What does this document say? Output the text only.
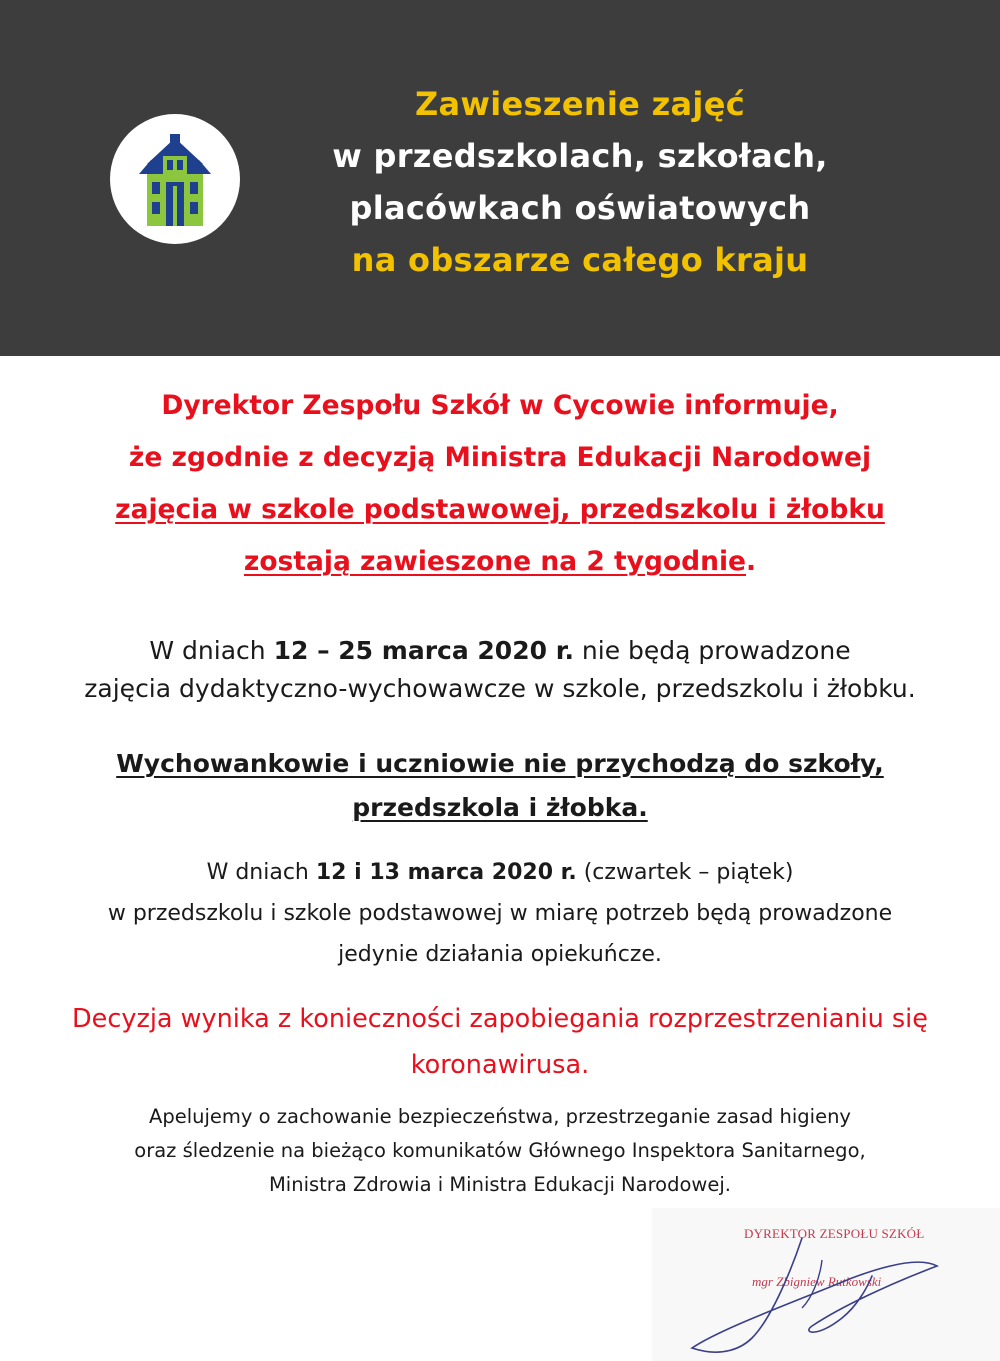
Zawieszenie zajęć
w przedszkolach, szkołach,
placówkach oświatowych
na obszarze całego kraju
Dyrektor Zespołu Szkół w Cycowie informuje,
że zgodnie z decyzją Ministra Edukacji Narodowej
zajęcia w szkole podstawowej, przedszkolu i żłobku
zostają zawieszone na 2 tygodnie.
W dniach 12 – 25 marca 2020 r. nie będą prowadzone
zajęcia dydaktyczno-wychowawcze w szkole, przedszkolu i żłobku.
Wychowankowie i uczniowie nie przychodzą do szkoły,
przedszkola i żłobka.
W dniach 12 i 13 marca 2020 r. (czwartek – piątek)
w przedszkolu i szkole podstawowej w miarę potrzeb będą prowadzone
jedynie działania opiekuńcze.
Decyzja wynika z konieczności zapobiegania rozprzestrzenianiu się
koronawirusa.
Apelujemy o zachowanie bezpieczeństwa, przestrzeganie zasad higieny
oraz śledzenie na bieżąco komunikatów Głównego Inspektora Sanitarnego,
Ministra Zdrowia i Ministra Edukacji Narodowej.
DYREKTOR ZESPOŁU SZKÓŁ
mgr Zbigniew Rutkowski
